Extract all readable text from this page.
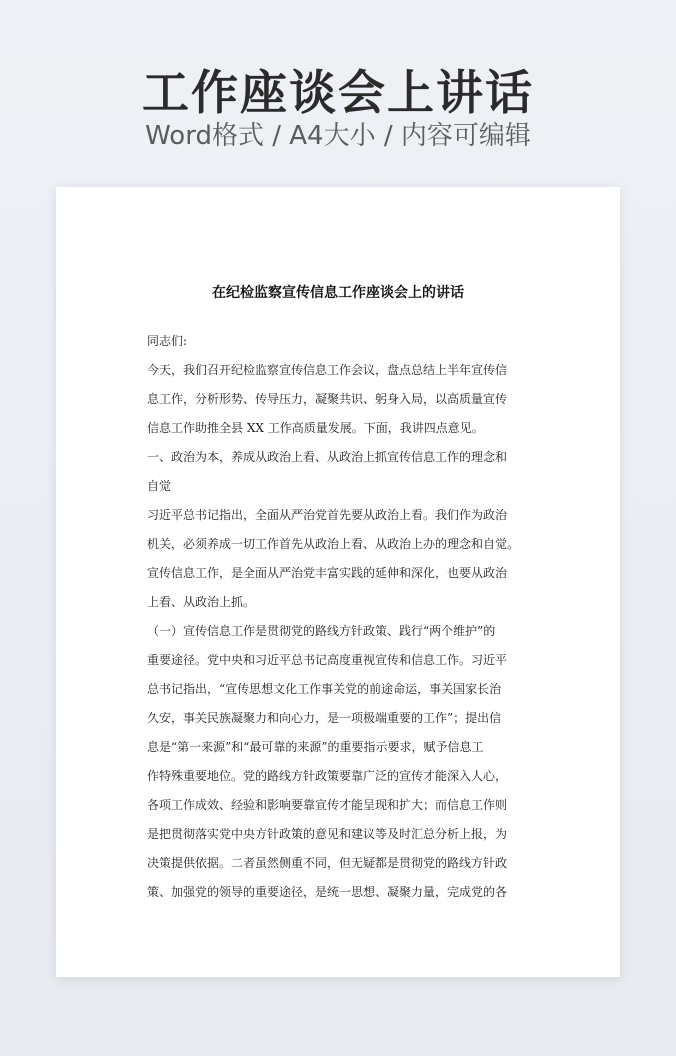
工作座谈会上讲话
Word格式 / A4大小 / 内容可编辑
在纪检监察宣传信息工作座谈会上的讲话
同志们:
今天，我们召开纪检监察宣传信息工作会议，盘点总结上半年宣传信
息工作，分析形势、传导压力，凝聚共识、躬身入局，以高质量宣传
信息工作助推全县 XX 工作高质量发展。下面，我讲四点意见。
一、政治为本，养成从政治上看、从政治上抓宣传信息工作的理念和
自觉
习近平总书记指出，全面从严治党首先要从政治上看。我们作为政治
机关，必须养成一切工作首先从政治上看、从政治上办的理念和自觉。
宣传信息工作，是全面从严治党丰富实践的延伸和深化，也要从政治
上看、从政治上抓。
（一）宣传信息工作是贯彻党的路线方针政策、践行“两个维护”的
重要途径。党中央和习近平总书记高度重视宣传和信息工作。习近平
总书记指出，“宣传思想文化工作事关党的前途命运，事关国家长治
久安，事关民族凝聚力和向心力，是一项极端重要的工作”；提出信
息是“第一来源”和“最可靠的来源”的重要指示要求，赋予信息工
作特殊重要地位。党的路线方针政策要靠广泛的宣传才能深入人心，
各项工作成效、经验和影响要靠宣传才能呈现和扩大；而信息工作则
是把贯彻落实党中央方针政策的意见和建议等及时汇总分析上报，为
决策提供依据。二者虽然侧重不同，但无疑都是贯彻党的路线方针政
策、加强党的领导的重要途径，是统一思想、凝聚力量，完成党的各
